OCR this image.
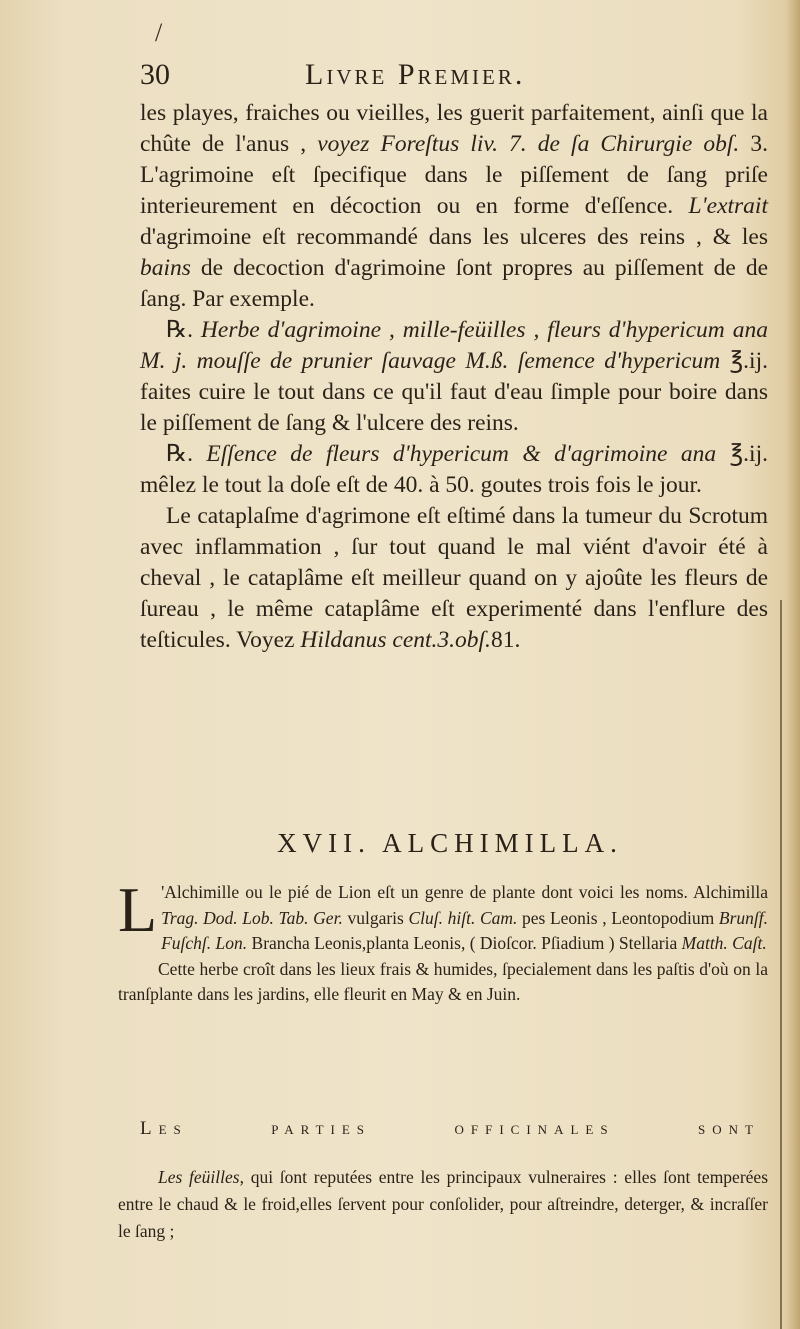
/
30	Livre Premier.

les playes, fraiches ou vieilles, les guerit parfaitement, ainſi que la chûte de l'anus , voyez Foreſtus liv. 7. de ſa Chirurgie obſ. 3. L'agrimoine eſt ſpecifique dans le piſſement de ſang priſe interieurement en décoction ou en forme d'eſſence. L'extrait d'agrimoine eſt recommandé dans les ulceres des reins , & les bains de decoction d'agrimoine ſont propres au piſſement de de ſang. Par exemple.

℞. Herbe d'agrimoine , mille-feüilles , fleurs d'hypericum ana M. j. mouſſe de prunier ſauvage M.ß. ſemence d'hypericum ℥.ij. faites cuire le tout dans ce qu'il faut d'eau ſimple pour boire dans le piſſement de ſang & l'ulcere des reins.

℞. Eſſence de fleurs d'hypericum & d'agrimoine ana ℥.ij. mêlez le tout la doſe eſt de 40. à 50. goutes trois fois le jour.

Le cataplaſme d'agrimone eſt eſtimé dans la tumeur du Scrotum avec inflammation , ſur tout quand le mal viént d'avoir été à cheval , le cataplâme eſt meilleur quand on y ajoûte les fleurs de ſureau , le même cataplâme eſt experimenté dans l'enflure des teſticules. Voyez Hildanus cent.3.obſ.81.

XVII. ALCHIMILLA.

L 'Alchimille ou le pié de Lion eſt un genre de plante dont voici les noms. Alchimilla Trag. Dod. Lob. Tab. Ger. vulgaris Cluſ. hiſt. Cam. pes Leonis , Leontopodium Brunſf. Fuſchſ. Lon. Brancha Leonis,planta Leonis, ( Dioſcor. Pſiadium ) Stellaria Matth. Caſt.

Cette herbe croît dans les lieux frais & humides, ſpecialement dans les paſtis d'où on la tranſplante dans les jardins, elle fleurit en May & en Juin.

Les parties officinales sont

Les feüilles, qui ſont reputées entre les principaux vulneraires : elles ſont temperées entre le chaud & le froid,elles ſervent pour conſolider, pour aſtreindre, deterger, & incraſſer le ſang ;
